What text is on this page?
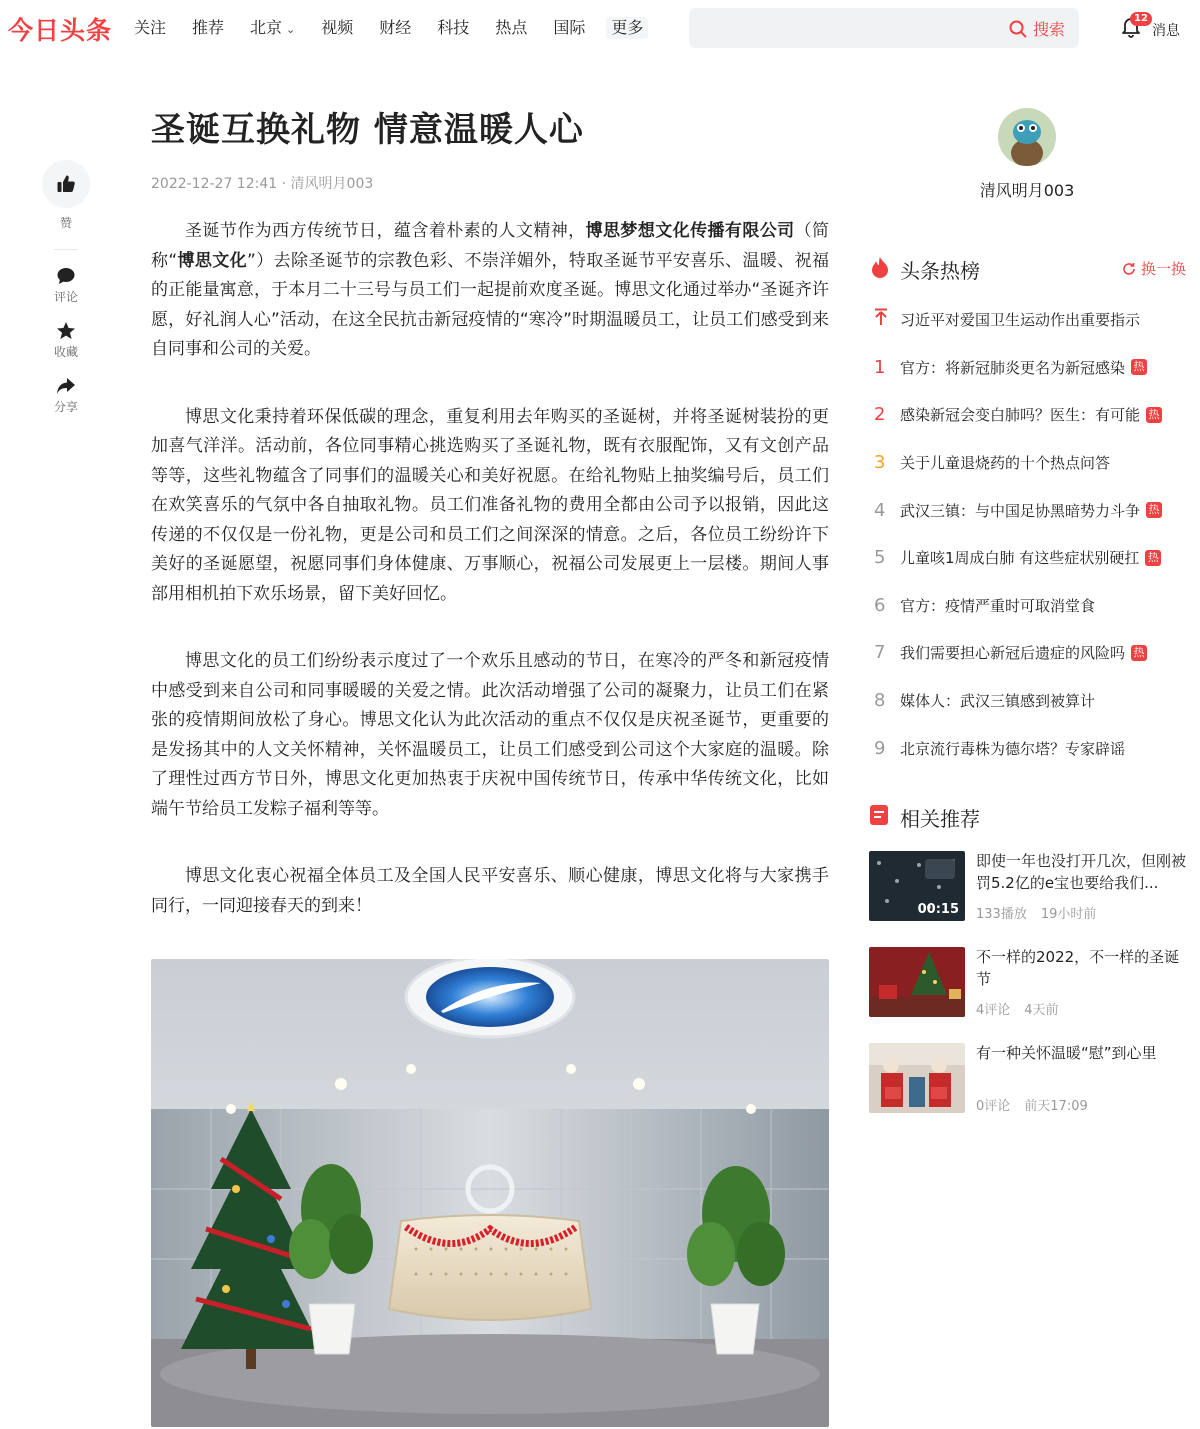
今日头条 关注 推荐 北京 ⌄ 视频 财经 科技 热点 国际	更多	搜索
12
消息
赞
评论
收藏
分享
圣诞互换礼物 情意温暖人心
2022-12-27 12:41 · 清风明月003

圣诞节作为西方传统节日，蕴含着朴素的人文精神，博思梦想文化传播有限公司（简称“博思文化”）去除圣诞节的宗教色彩、不崇洋媚外，特取圣诞节平安喜乐、温暖、祝福的正能量寓意，于本月二十三号与员工们一起提前欢度圣诞。博思文化通过举办“圣诞齐许愿，好礼润人心”活动，在这全民抗击新冠疫情的“寒冷”时期温暖员工，让员工们感受到来自同事和公司的关爱。

博思文化秉持着环保低碳的理念，重复利用去年购买的圣诞树，并将圣诞树装扮的更加喜气洋洋。活动前，各位同事精心挑选购买了圣诞礼物，既有衣服配饰，又有文创产品等等，这些礼物蕴含了同事们的温暖关心和美好祝愿。在给礼物贴上抽奖编号后，员工们在欢笑喜乐的气氛中各自抽取礼物。员工们准备礼物的费用全都由公司予以报销，因此这传递的不仅仅是一份礼物，更是公司和员工们之间深深的情意。之后，各位员工纷纷许下美好的圣诞愿望，祝愿同事们身体健康、万事顺心，祝福公司发展更上一层楼。期间人事部用相机拍下欢乐场景，留下美好回忆。

博思文化的员工们纷纷表示度过了一个欢乐且感动的节日，在寒冷的严冬和新冠疫情中感受到来自公司和同事暖暖的关爱之情。此次活动增强了公司的凝聚力，让员工们在紧张的疫情期间放松了身心。博思文化认为此次活动的重点不仅仅是庆祝圣诞节，更重要的是发扬其中的人文关怀精神，关怀温暖员工，让员工们感受到公司这个大家庭的温暖。除了理性过西方节日外，博思文化更加热衷于庆祝中国传统节日，传承中华传统文化，比如端午节给员工发粽子福利等等。

博思文化衷心祝福全体员工及全国人民平安喜乐、顺心健康，博思文化将与大家携手同行，一同迎接春天的到来！

清风明月003
头条热榜	换一换
习近平对爱国卫生运动作出重要指示
1 官方：将新冠肺炎更名为新冠感染 热
2 感染新冠会变白肺吗？医生：有可能 热
3 关于儿童退烧药的十个热点问答
4 武汉三镇：与中国足协黑暗势力斗争 热
5 儿童咳1周成白肺 有这些症状别硬扛 热
6 官方：疫情严重时可取消堂食
7 我们需要担心新冠后遗症的风险吗 热
8 媒体人：武汉三镇感到被算计
9 北京流行毒株为德尔塔？专家辟谣
相关推荐
00:15
即使一年也没打开几次，但刚被罚5.2亿的e宝也要给我们...
133播放 19小时前
不一样的2022，不一样的圣诞节
4评论 4天前
有一种关怀温暖“慰”到心里
0评论 前天17:09
